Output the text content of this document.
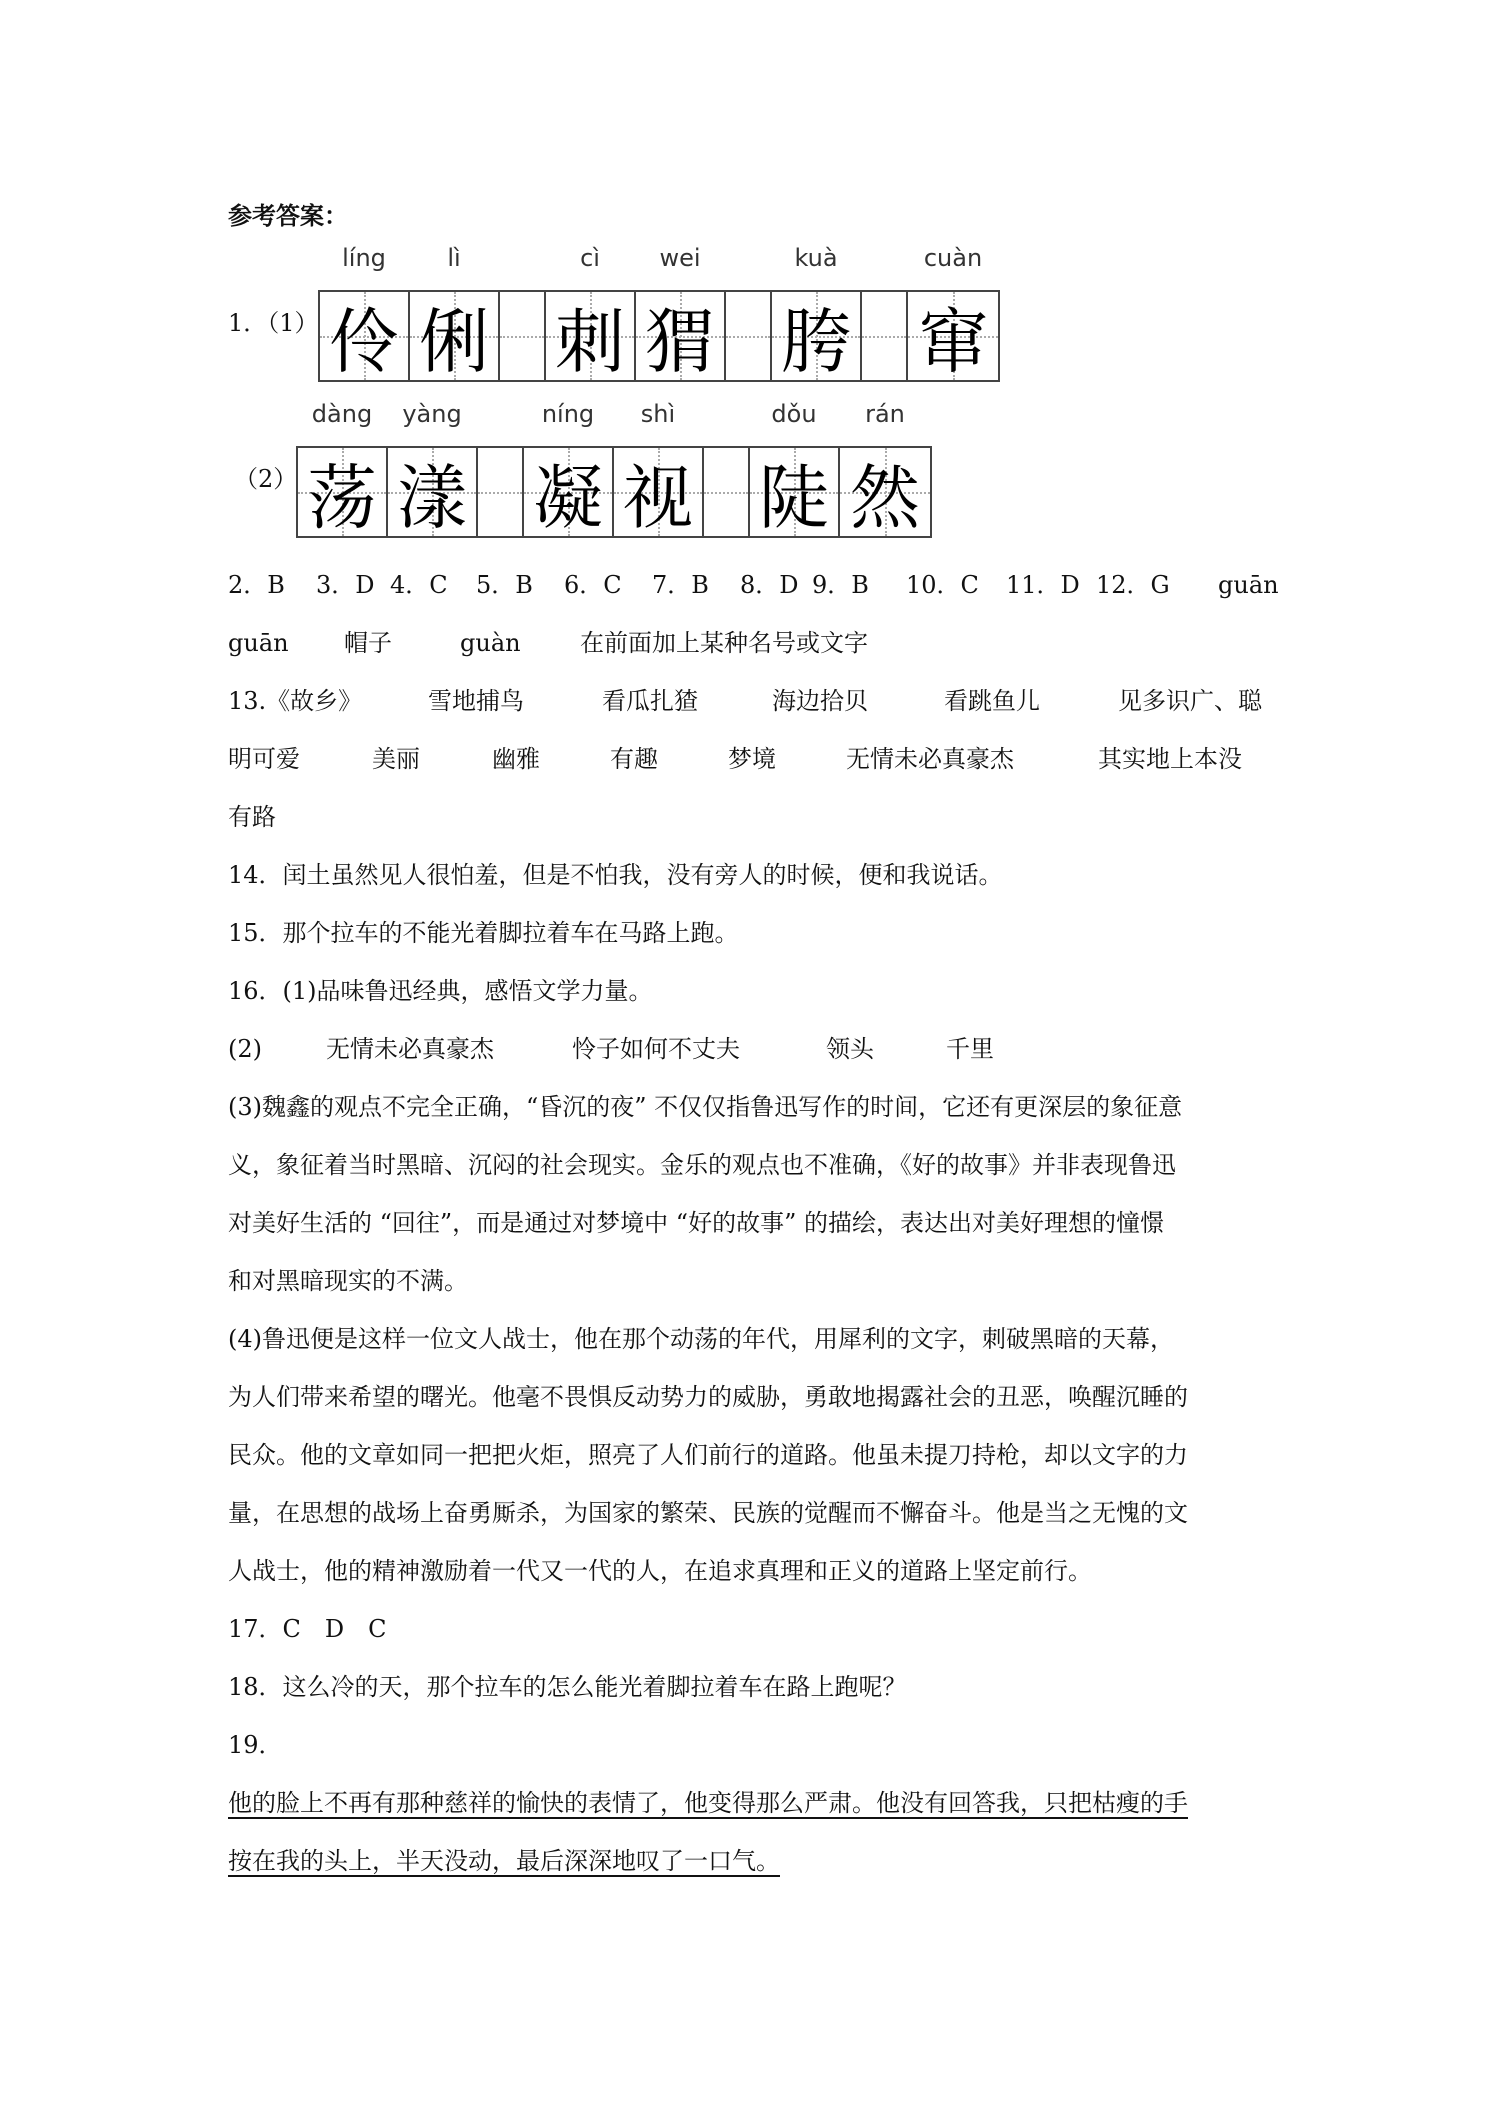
参考答案：
1．（1） 伶
líng
俐
lì
刺
cì
猬
wei
胯
kuà
窜
cuàn
（2） 荡
dàng
漾
yàng
凝
níng
视
shì
陡
dǒu
然
rán
2．B 3．D 4．C 5．B 6．C 7．B 8．D 9．B 10．C 11．D 12．G guān
guān 帽子	guàn 在前面加上某种名号或文字
13.《故乡》	雪地捕鸟	看瓜扎猹	海边拾贝	看跳鱼儿	见多识广、聪
明可爱	美丽	幽雅	有趣	梦境	无情未必真豪杰	其实地上本没
有路
14．闰土虽然见人很怕羞，但是不怕我，没有旁人的时候，便和我说话。
15．那个拉车的不能光着脚拉着车在马路上跑。
16．(1)品味鲁迅经典，感悟文学力量。
(2)	无情未必真豪杰	怜子如何不丈夫	领头	千里
(3)魏鑫的观点不完全正确，“昏沉的夜” 不仅仅指鲁迅写作的时间，它还有更深层的象征意
义，象征着当时黑暗、沉闷的社会现实。金乐的观点也不准确，《好的故事》并非表现鲁迅
对美好生活的 “回往”，而是通过对梦境中 “好的故事” 的描绘，表达出对美好理想的憧憬
和对黑暗现实的不满。
(4)鲁迅便是这样一位文人战士，他在那个动荡的年代，用犀利的文字，刺破黑暗的天幕，
为人们带来希望的曙光。他毫不畏惧反动势力的威胁，勇敢地揭露社会的丑恶，唤醒沉睡的
民众。他的文章如同一把把火炬，照亮了人们前行的道路。他虽未提刀持枪，却以文字的力
量，在思想的战场上奋勇厮杀，为国家的繁荣、民族的觉醒而不懈奋斗。他是当之无愧的文
人战士，他的精神激励着一代又一代的人，在追求真理和正义的道路上坚定前行。
17．C　D　C
18．这么冷的天，那个拉车的怎么能光着脚拉着车在路上跑呢？
19．
他的脸上不再有那种慈祥的愉快的表情了，他变得那么严肃。他没有回答我，只把枯瘦的手
按在我的头上，半天没动，最后深深地叹了一口气。
